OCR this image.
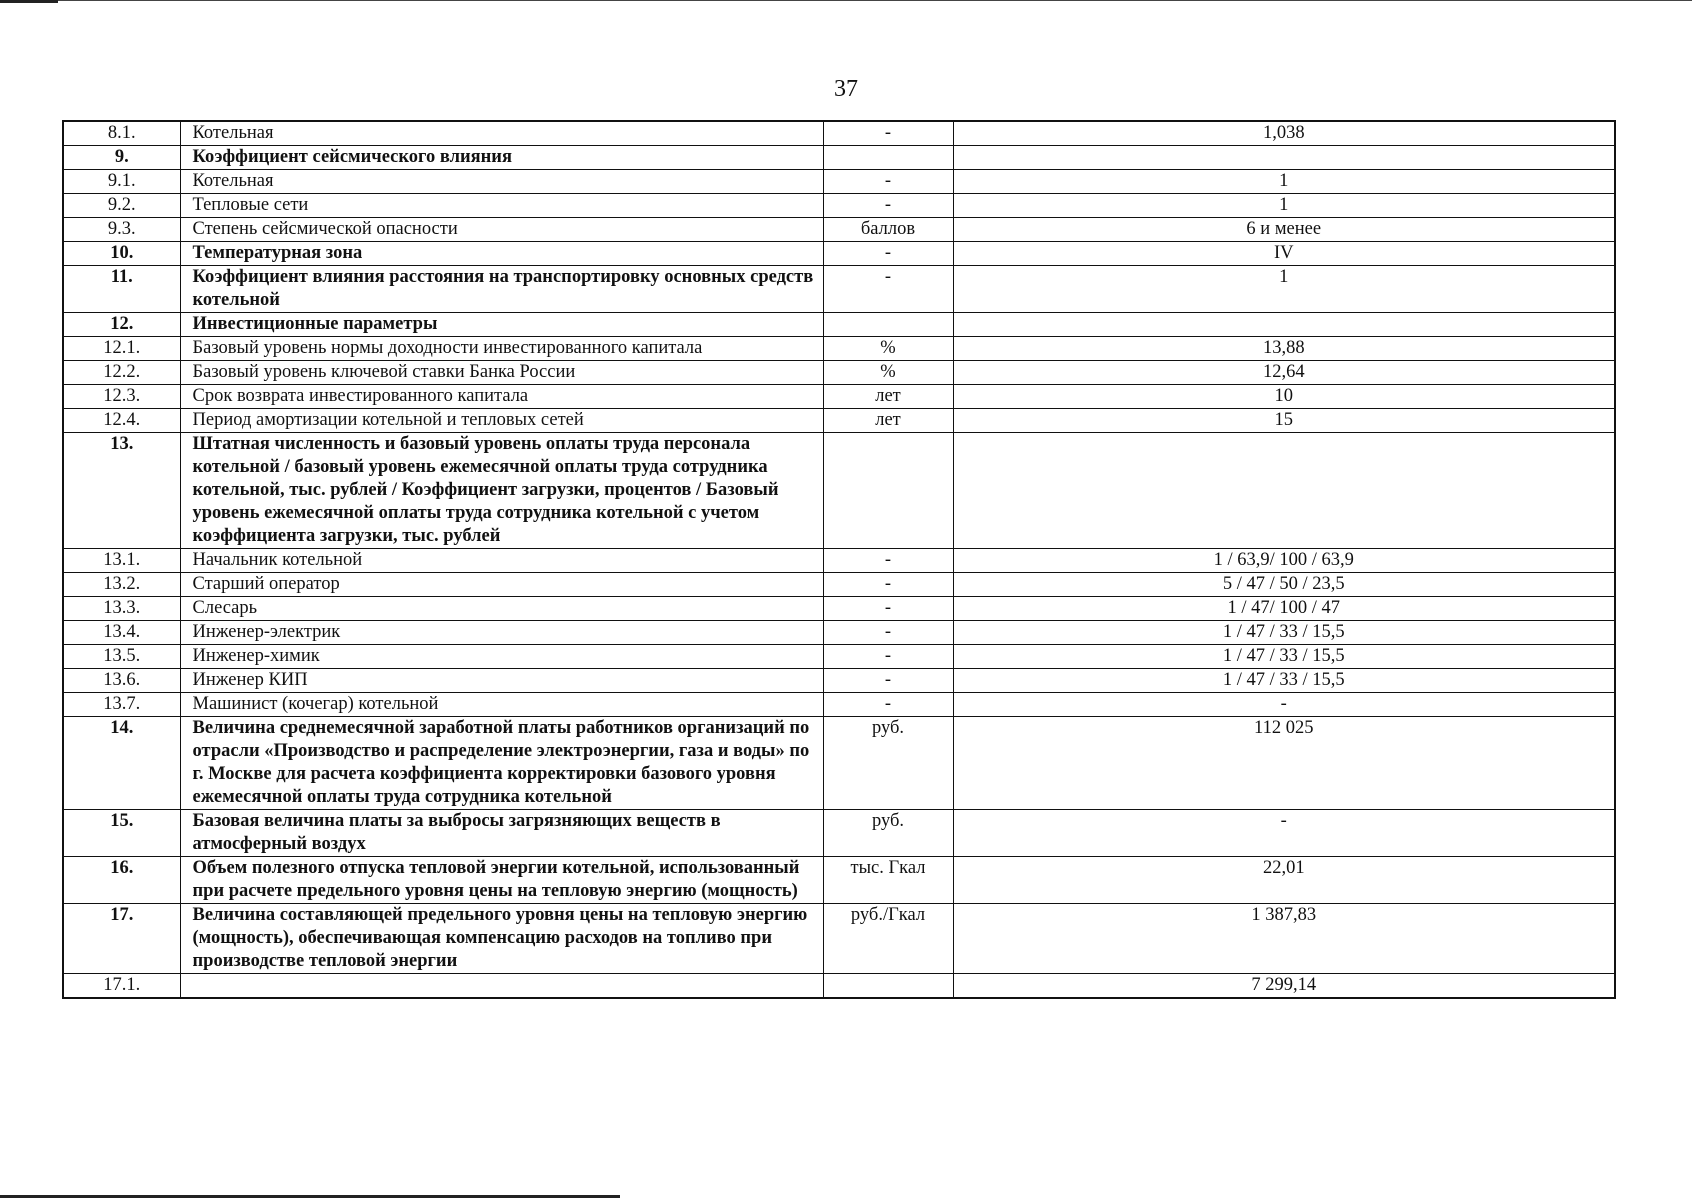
37
8.1.	Котельная	-	1,038
9.	Коэффициент сейсмического влияния		
9.1.	Котельная	-	1
9.2.	Тепловые сети	-	1
9.3.	Степень сейсмической опасности	баллов	6 и менее
10.	Температурная зона	-	IV
11.	Коэффициент влияния расстояния на транспортировку основных средств котельной	-	1
12.	Инвестиционные параметры		
12.1.	Базовый уровень нормы доходности инвестированного капитала	%	13,88
12.2.	Базовый уровень ключевой ставки Банка России	%	12,64
12.3.	Срок возврата инвестированного капитала	лет	10
12.4.	Период амортизации котельной и тепловых сетей	лет	15
13.	Штатная численность и базовый уровень оплаты труда персонала котельной / базовый уровень ежемесячной оплаты труда сотрудника котельной, тыс. рублей / Коэффициент загрузки, процентов / Базовый уровень ежемесячной оплаты труда сотрудника котельной с учетом коэффициента загрузки, тыс. рублей		
13.1.	Начальник котельной	-	1 / 63,9/ 100 / 63,9
13.2.	Старший оператор	-	5 / 47 / 50 / 23,5
13.3.	Слесарь	-	1 / 47/ 100 / 47
13.4.	Инженер-электрик	-	1 / 47 / 33 / 15,5
13.5.	Инженер-химик	-	1 / 47 / 33 / 15,5
13.6.	Инженер КИП	-	1 / 47 / 33 / 15,5
13.7.	Машинист (кочегар) котельной	-	-
14.	Величина среднемесячной заработной платы работников организаций по отрасли «Производство и распределение электроэнергии, газа и воды» по г. Москве для расчета коэффициента корректировки базового уровня ежемесячной оплаты труда сотрудника котельной	руб.	112 025
15.	Базовая величина платы за выбросы загрязняющих веществ в атмосферный воздух	руб.	-
16.	Объем полезного отпуска тепловой энергии котельной, использованный при расчете предельного уровня цены на тепловую энергию (мощность)	тыс. Гкал	22,01
17.	Величина составляющей предельного уровня цены на тепловую энергию (мощность), обеспечивающая компенсацию расходов на топливо при производстве тепловой энергии	руб./Гкал	1 387,83
17.1.			7 299,14
